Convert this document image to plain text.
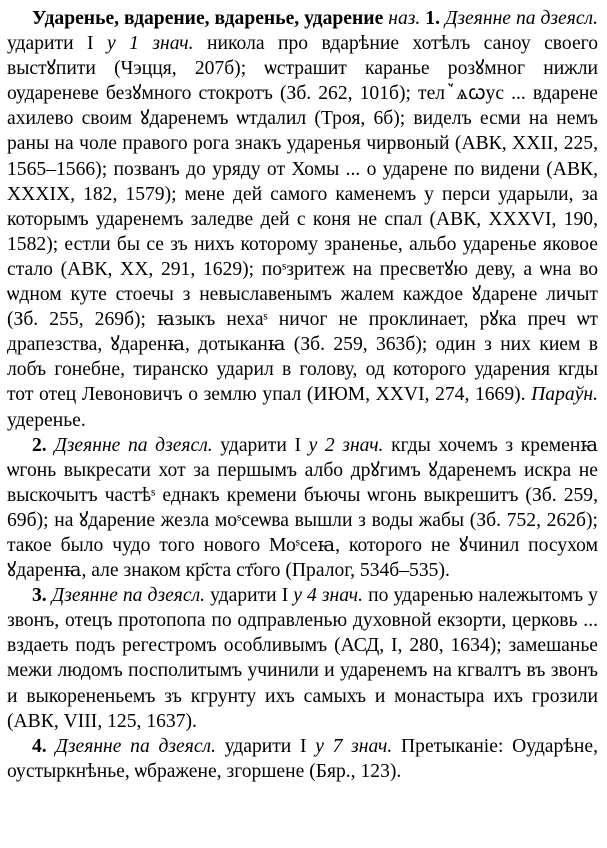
Ударенье, вдарение, вдаренье, ударение наз. 1. Дзеянне па дзеясл. ударити І у 1 знач. никола про вдарѣние хотѣлъ саноу своего выстꙋпити (Чэцця, 207б); ѡстрашит каранье розꙋмног нижли оудареневе безꙋмного стокротъ (Зб. 262, 101б); телꙿѧꙍус ... вдарене ахилево своим ꙋдаренемъ ѡтдалил (Троя, 6б); виделъ есми на немъ раны на чоле правого рога знакъ ударенья чирвоный (АВК, XXII, 225, 1565–1566); позванъ до уряду от Хомы ... о ударене по видени (АВК, XXXIX, 182, 1579); мене дей самого каменемъ у перси ударыли, за которымъ ударенемъ заледве дей с коня не спал (АВК, XXXVI, 190, 1582); естли бы се зъ нихъ которому зраненье, альбо ударенье яковое стало (АВК, XX, 291, 1629); поˢзритеж на пресветꙋю деву, а ѡна во ѡдном куте стоечы з невыславенымъ жалем каждое ꙋдарене личыт (Зб. 255, 269б); ꙗзыкъ нехаˢ ничог не проклинает, рꙋка преч ѡт драпезства, ꙋдаренꙗ, дотыканꙗ (Зб. 259, 363б); один з них кием в лобъ гонебне, тиранско ударил в голову, од которого ударения кгды тот отец Левоновичъ о землю упал (ИЮМ, XXVI, 274, 1669). Параўн. удеренье.

2. Дзеянне па дзеясл. ударити І у 2 знач. кгды хочемъ з кременꙗ ѡгонь выкресати хот за першымъ албо дрꙋгимъ ꙋдаренемъ искра не выскочытъ частѣˢ еднакъ кремени бъючы ѡгонь выкрешитъ (Зб. 259, 69б); на ꙋдарение жезла моˢсеѡва вышли з воды жабы (Зб. 752, 262б); такое было чудо того нового Моˢсеꙗ, которого не ꙋчинил посухом ꙋдаренꙗ, але знаком кр҃ста ст҃ого (Пралог, 534б–535).

3. Дзеянне па дзеясл. ударити І у 4 знач. по ударенью належытомъ у звонъ, отецъ протопопа по одправленью духовной екзорти, церковь ... вздаеть подъ регестромъ особливымъ (АСД, І, 280, 1634); замешанье межи людомъ посполитымъ учинили и ударенемъ на кгвалтъ въ звонъ и выкорененьемъ зъ кгрунту ихъ самыхъ и монастыра ихъ грозили (АВК, VIII, 125, 1637).

4. Дзеянне па дзеясл. ударити І у 7 знач. Претыканіе: Оударѣне, оустыркнѣнье, ѡбражене, згоршене (Бяр., 123).
